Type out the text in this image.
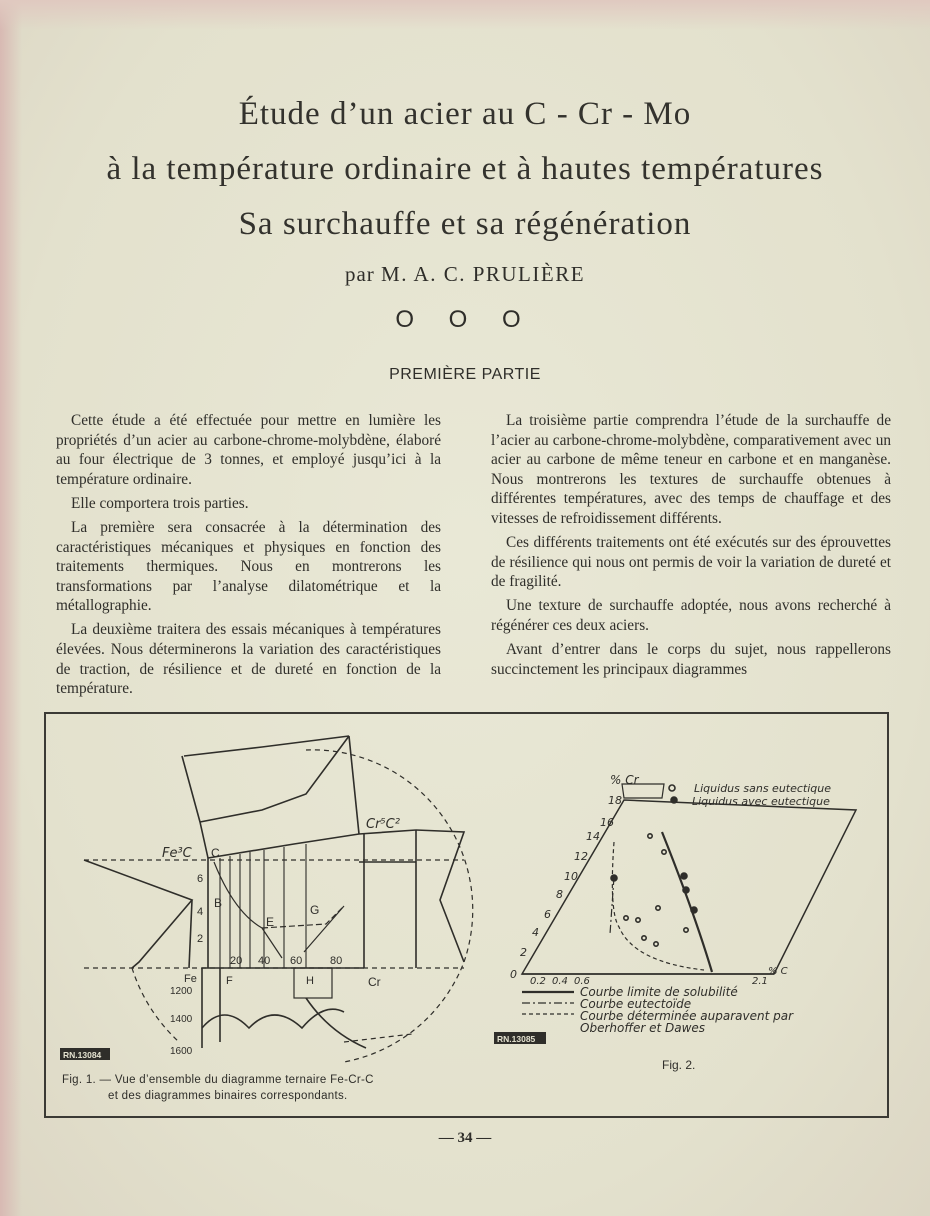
Étude d’un acier au C - Cr - Mo
à la température ordinaire et à hautes températures
Sa surchauffe et sa régénération
par M. A. C. PRULIÈRE
O O O
PREMIÈRE PARTIE

Cette étude a été effectuée pour mettre en lumière les propriétés d’un acier au carbone-chrome-molybdène, élaboré au four électrique de 3 tonnes, et employé jusqu’ici à la température ordinaire.

Elle comportera trois parties.

La première sera consacrée à la détermination des caractéristiques mécaniques et physiques en fonction des traitements thermiques. Nous en montrerons les transformations par l’analyse dilatométrique et la métallographie.

La deuxième traitera des essais mécaniques à températures élevées. Nous déterminerons la variation des caractéristiques de traction, de résilience et de dureté en fonction de la température.

La troisième partie comprendra l’étude de la surchauffe de l’acier au carbone-chrome-molybdène, comparativement avec un acier au carbone de même teneur en carbone et en manganèse. Nous montrerons les textures de surchauffe obtenues à différentes températures, avec des temps de chauffage et des vitesses de refroidissement différents.

Ces différents traitements ont été exécutés sur des éprouvettes de résilience qui nous ont permis de voir la variation de dureté et de fragilité.

Une texture de surchauffe adoptée, nous avons recherché à régénérer ces deux aciers.

Avant d’entrer dans le corps du sujet, nous rappellerons succinctement les principaux diagrammes

Fe³C C
Cr⁵C²
6
4
2
B
E
G
20 40 60	80
Fe	F	H	Cr
1200
1400
1600
RN.13084
% Cr
18
16
14
12
10
8
6
4
2
0
0.2 0.4 0.6	2.1
% C
Liquidus sans eutectique
Liquidus avec eutectique
Courbe limite de solubilité
Courbe eutectoïde
Courbe déterminée auparavent par
Oberhoffer et Dawes
RN.13085
Fig. 1. — Vue d’ensemble du diagramme ternaire Fe-Cr-C
et des diagrammes binaires correspondants.
Fig. 2.
— 34 —
